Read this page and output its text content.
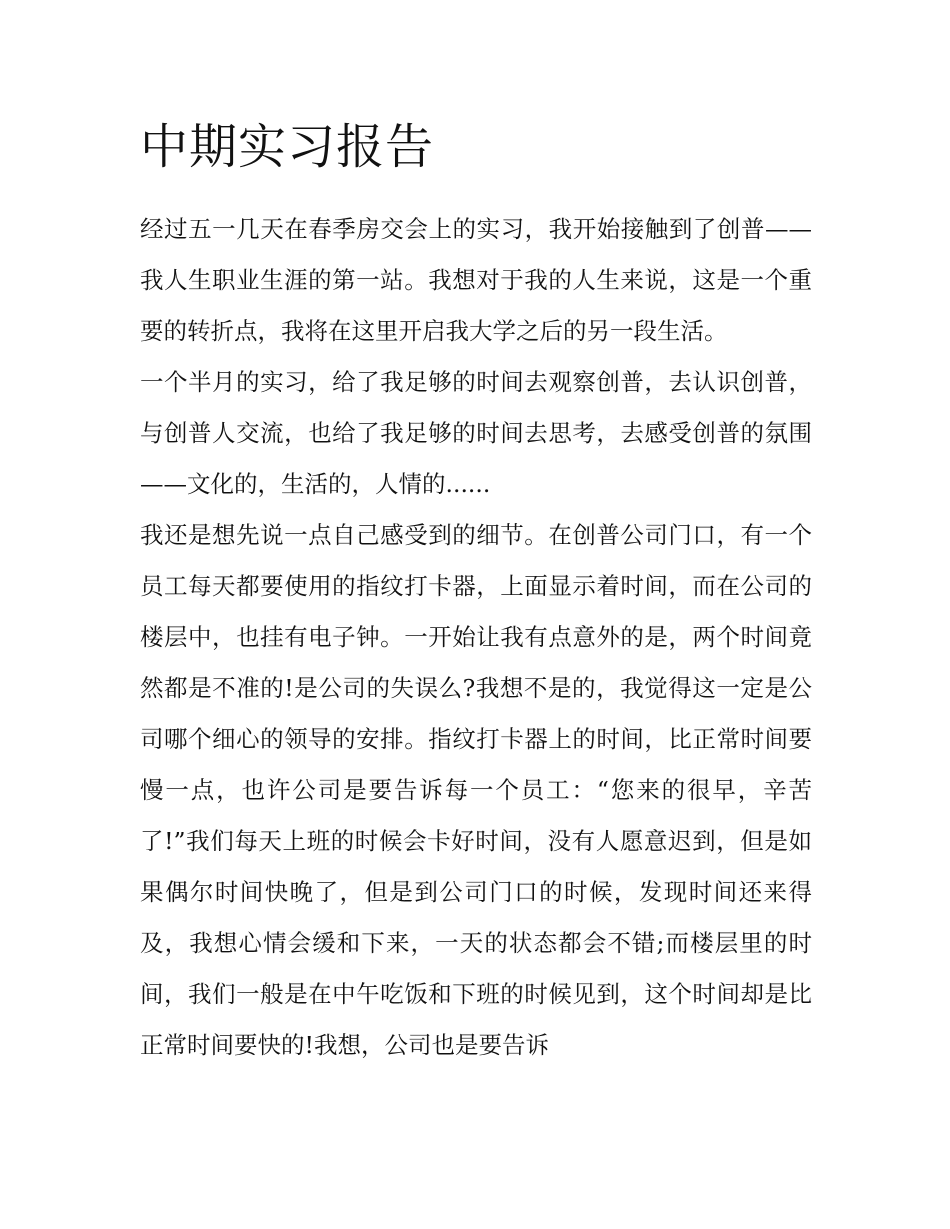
中期实习报告

经过五一几天在春季房交会上的实习，我开始接触到了创普——我人生职业生涯的第一站。我想对于我的人生来说，这是一个重要的转折点，我将在这里开启我大学之后的另一段生活。

一个半月的实习，给了我足够的时间去观察创普，去认识创普，与创普人交流，也给了我足够的时间去思考，去感受创普的氛围——文化的，生活的，人情的......

我还是想先说一点自己感受到的细节。在创普公司门口，有一个员工每天都要使用的指纹打卡器，上面显示着时间，而在公司的楼层中，也挂有电子钟。一开始让我有点意外的是，两个时间竟然都是不准的!是公司的失误么?我想不是的，我觉得这一定是公司哪个细心的领导的安排。指纹打卡器上的时间，比正常时间要慢一点，也许公司是要告诉每一个员工：“您来的很早，辛苦了!”我们每天上班的时候会卡好时间，没有人愿意迟到，但是如果偶尔时间快晚了，但是到公司门口的时候，发现时间还来得及，我想心情会缓和下来，一天的状态都会不错;而楼层里的时间，我们一般是在中午吃饭和下班的时候见到，这个时间却是比正常时间要快的!我想，公司也是要告诉
